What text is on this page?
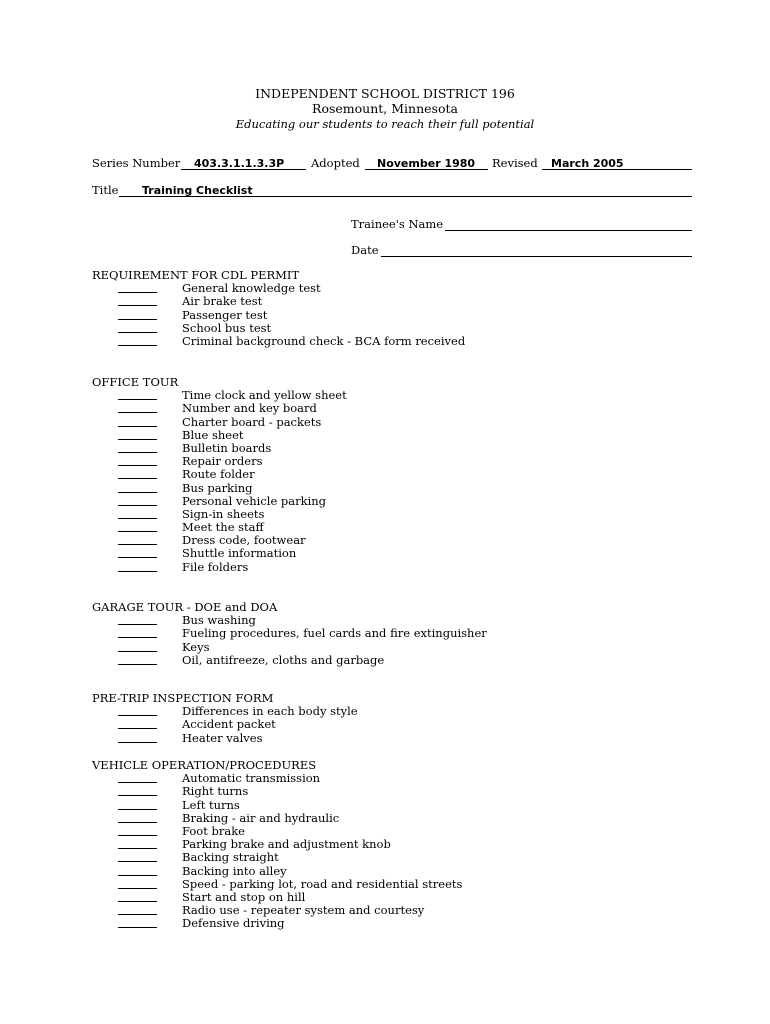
INDEPENDENT SCHOOL DISTRICT 196
Rosemount, Minnesota
Educating our students to reach their full potential
Series Number 403.3.1.1.3.3P Adopted November 1980 Revised March 2005
Title Training Checklist
Trainee's Name
Date
REQUIREMENT FOR CDL PERMIT
General knowledge test
Air brake test
Passenger test
School bus test
Criminal background check - BCA form received
OFFICE TOUR
Time clock and yellow sheet
Number and key board
Charter board - packets
Blue sheet
Bulletin boards
Repair orders
Route folder
Bus parking
Personal vehicle parking
Sign-in sheets
Meet the staff
Dress code, footwear
Shuttle information
File folders
GARAGE TOUR - DOE and DOA
Bus washing
Fueling procedures, fuel cards and fire extinguisher
Keys
Oil, antifreeze, cloths and garbage
PRE-TRIP INSPECTION FORM
Differences in each body style
Accident packet
Heater valves
VEHICLE OPERATION/PROCEDURES
Automatic transmission
Right turns
Left turns
Braking - air and hydraulic
Foot brake
Parking brake and adjustment knob
Backing straight
Backing into alley
Speed - parking lot, road and residential streets
Start and stop on hill
Radio use - repeater system and courtesy
Defensive driving
